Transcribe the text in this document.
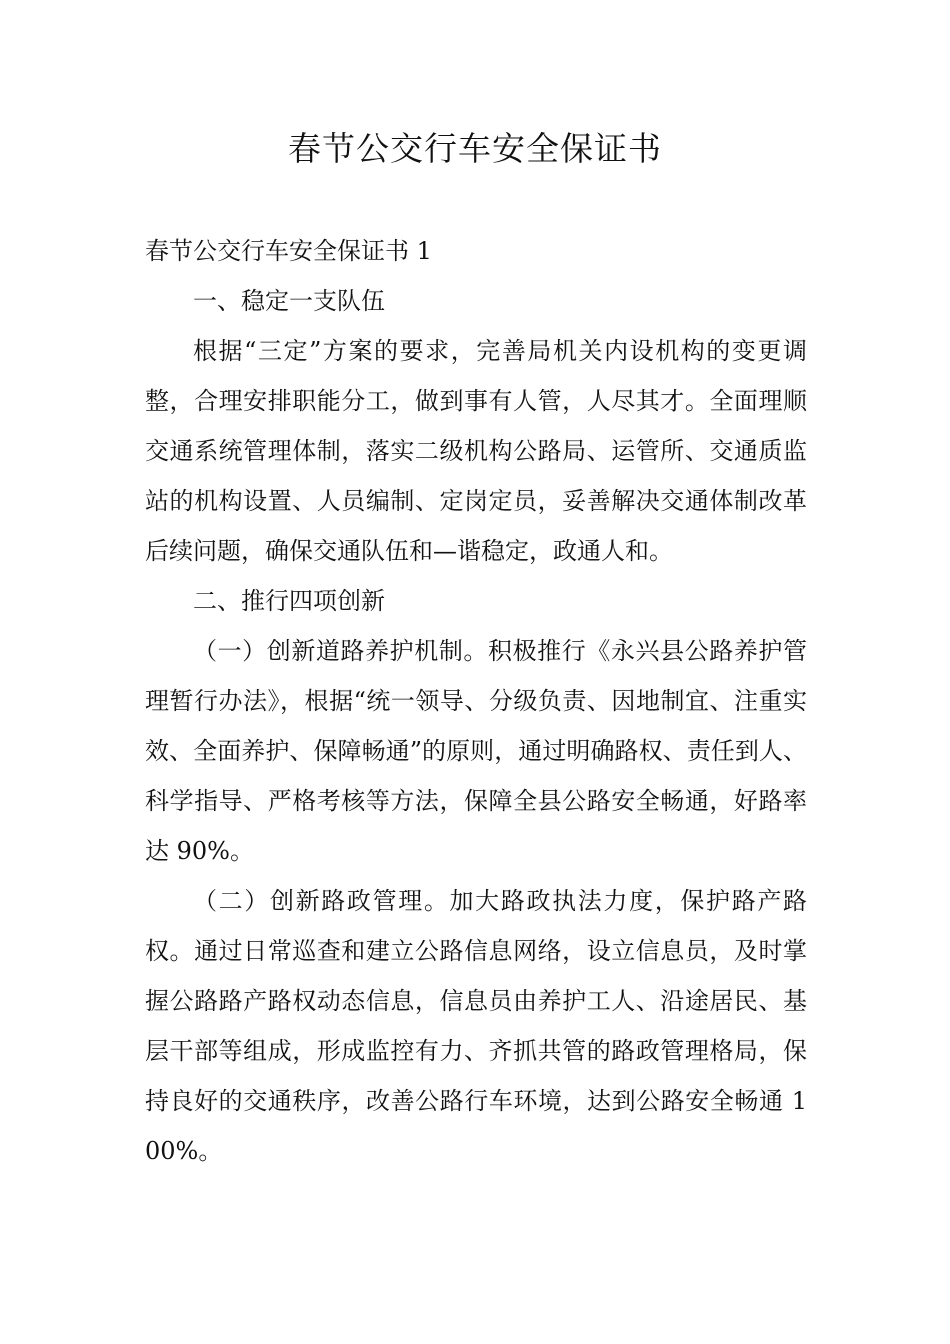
春节公交行车安全保证书

春节公交行车安全保证书 1

一、稳定一支队伍

根据“三定”方案的要求，完善局机关内设机构的变更调整，合理安排职能分工，做到事有人管，人尽其才。全面理顺交通系统管理体制，落实二级机构公路局、运管所、交通质监站的机构设置、人员编制、定岗定员，妥善解决交通体制改革后续问题，确保交通队伍和—谐稳定，政通人和。

二、推行四项创新

（一）创新道路养护机制。积极推行《永兴县公路养护管理暂行办法》，根据“统一领导、分级负责、因地制宜、注重实效、全面养护、保障畅通”的原则，通过明确路权、责任到人、科学指导、严格考核等方法，保障全县公路安全畅通，好路率达 90%。

（二）创新路政管理。加大路政执法力度，保护路产路权。通过日常巡查和建立公路信息网络，设立信息员，及时掌握公路路产路权动态信息，信息员由养护工人、沿途居民、基层干部等组成，形成监控有力、齐抓共管的路政管理格局，保持良好的交通秩序，改善公路行车环境，达到公路安全畅通 100%。
